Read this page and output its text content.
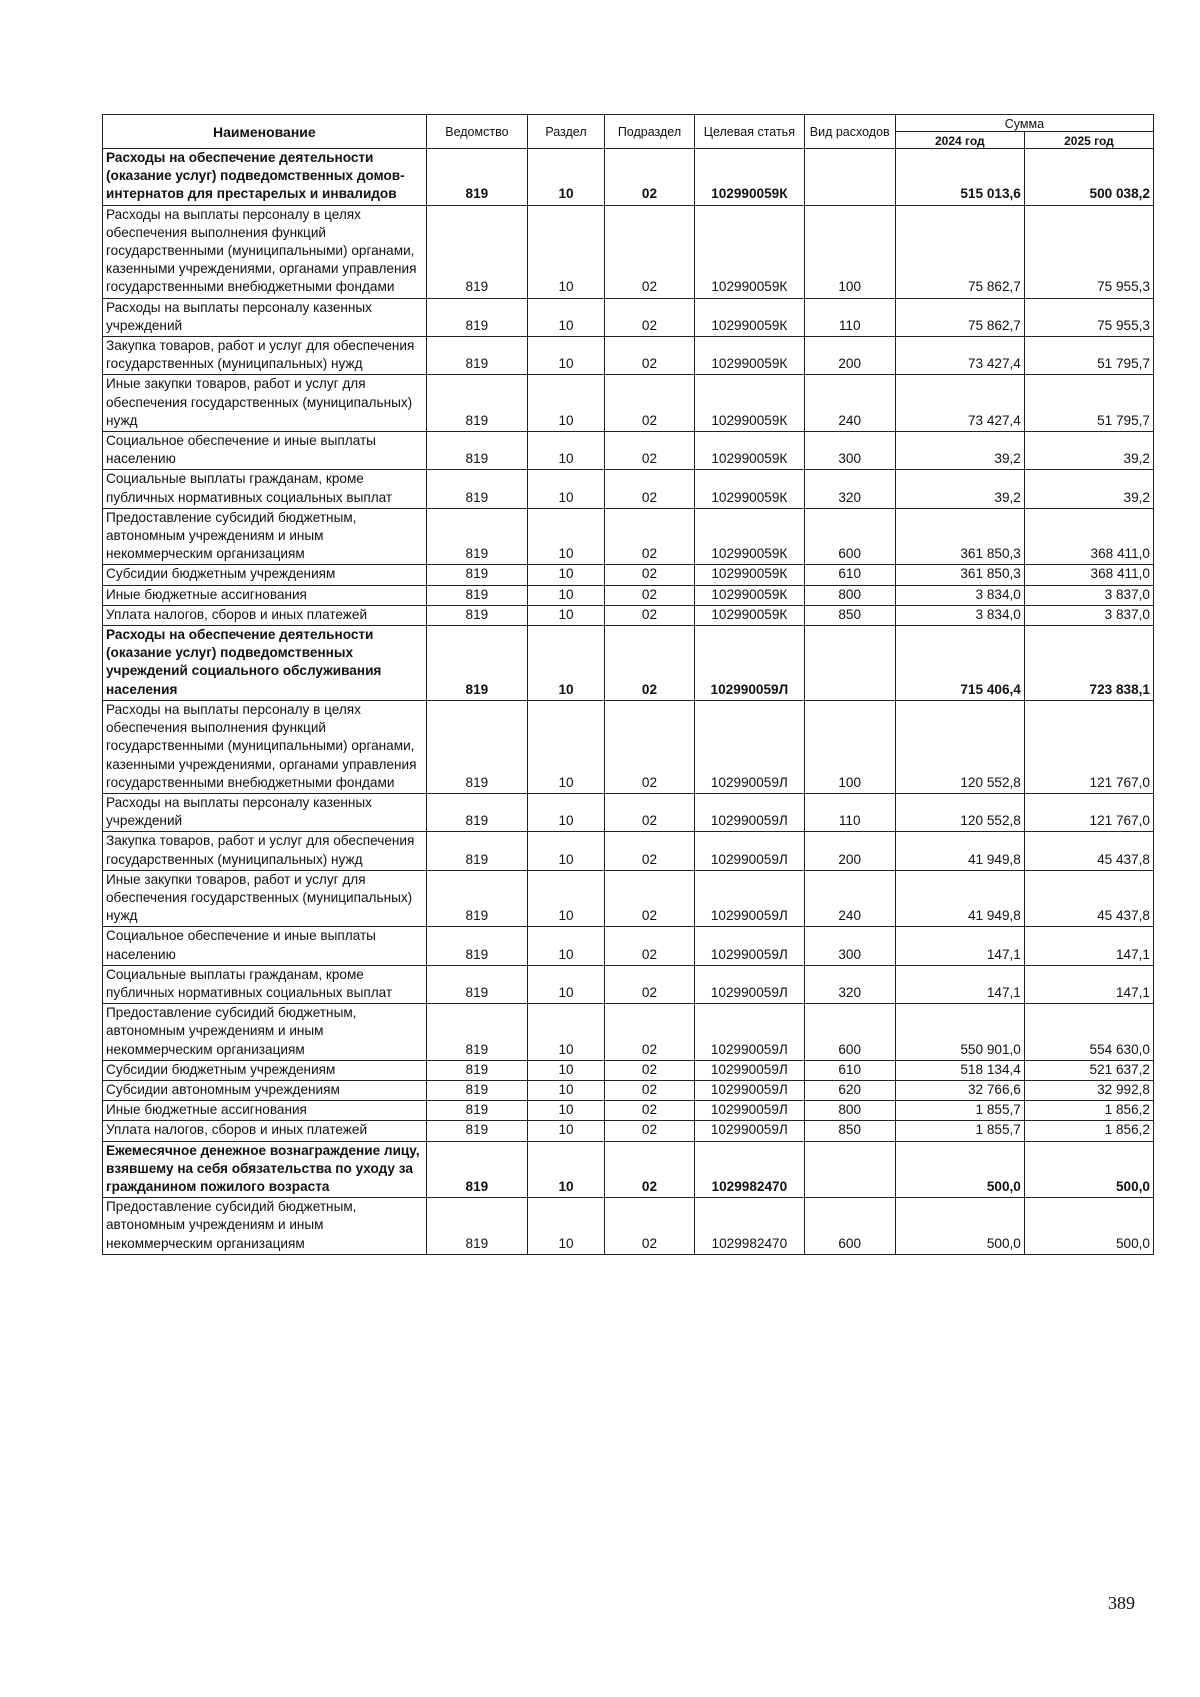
Наименование	Ведомство	Раздел	Подраздел	Целевая статья	Вид расходов	Сумма	
						2024 год	2025 год
Расходы на обеспечение деятельности (оказание услуг) подведомственных домов-интернатов для престарелых и инвалидов	819	10	02	102990059К		515 013,6	500 038,2
Расходы на выплаты персоналу в целях обеспечения выполнения функций государственными (муниципальными) органами, казенными учреждениями, органами управления государственными внебюджетными фондами	819	10	02	102990059К	100	75 862,7	75 955,3
Расходы на выплаты персоналу казенных учреждений	819	10	02	102990059К	110	75 862,7	75 955,3
Закупка товаров, работ и услуг для обеспечения государственных (муниципальных) нужд	819	10	02	102990059К	200	73 427,4	51 795,7
Иные закупки товаров, работ и услуг для обеспечения государственных (муниципальных) нужд	819	10	02	102990059К	240	73 427,4	51 795,7
Социальное обеспечение и иные выплаты населению	819	10	02	102990059К	300	39,2	39,2
Социальные выплаты гражданам, кроме публичных нормативных социальных выплат	819	10	02	102990059К	320	39,2	39,2
Предоставление субсидий бюджетным, автономным учреждениям и иным некоммерческим организациям	819	10	02	102990059К	600	361 850,3	368 411,0
Субсидии бюджетным учреждениям	819	10	02	102990059К	610	361 850,3	368 411,0
Иные бюджетные ассигнования	819	10	02	102990059К	800	3 834,0	3 837,0
Уплата налогов, сборов и иных платежей	819	10	02	102990059К	850	3 834,0	3 837,0
Расходы на обеспечение деятельности (оказание услуг) подведомственных учреждений социального обслуживания населения	819	10	02	102990059Л		715 406,4	723 838,1
Расходы на выплаты персоналу в целях обеспечения выполнения функций государственными (муниципальными) органами, казенными учреждениями, органами управления государственными внебюджетными фондами	819	10	02	102990059Л	100	120 552,8	121 767,0
Расходы на выплаты персоналу казенных учреждений	819	10	02	102990059Л	110	120 552,8	121 767,0
Закупка товаров, работ и услуг для обеспечения государственных (муниципальных) нужд	819	10	02	102990059Л	200	41 949,8	45 437,8
Иные закупки товаров, работ и услуг для обеспечения государственных (муниципальных) нужд	819	10	02	102990059Л	240	41 949,8	45 437,8
Социальное обеспечение и иные выплаты населению	819	10	02	102990059Л	300	147,1	147,1
Социальные выплаты гражданам, кроме публичных нормативных социальных выплат	819	10	02	102990059Л	320	147,1	147,1
Предоставление субсидий бюджетным, автономным учреждениям и иным некоммерческим организациям	819	10	02	102990059Л	600	550 901,0	554 630,0
Субсидии бюджетным учреждениям	819	10	02	102990059Л	610	518 134,4	521 637,2
Субсидии автономным учреждениям	819	10	02	102990059Л	620	32 766,6	32 992,8
Иные бюджетные ассигнования	819	10	02	102990059Л	800	1 855,7	1 856,2
Уплата налогов, сборов и иных платежей	819	10	02	102990059Л	850	1 855,7	1 856,2
Ежемесячное денежное вознаграждение лицу, взявшему на себя обязательства по уходу за гражданином пожилого возраста	819	10	02	1029982470		500,0	500,0
Предоставление субсидий бюджетным, автономным учреждениям и иным некоммерческим организациям	819	10	02	1029982470	600	500,0	500,0
389
